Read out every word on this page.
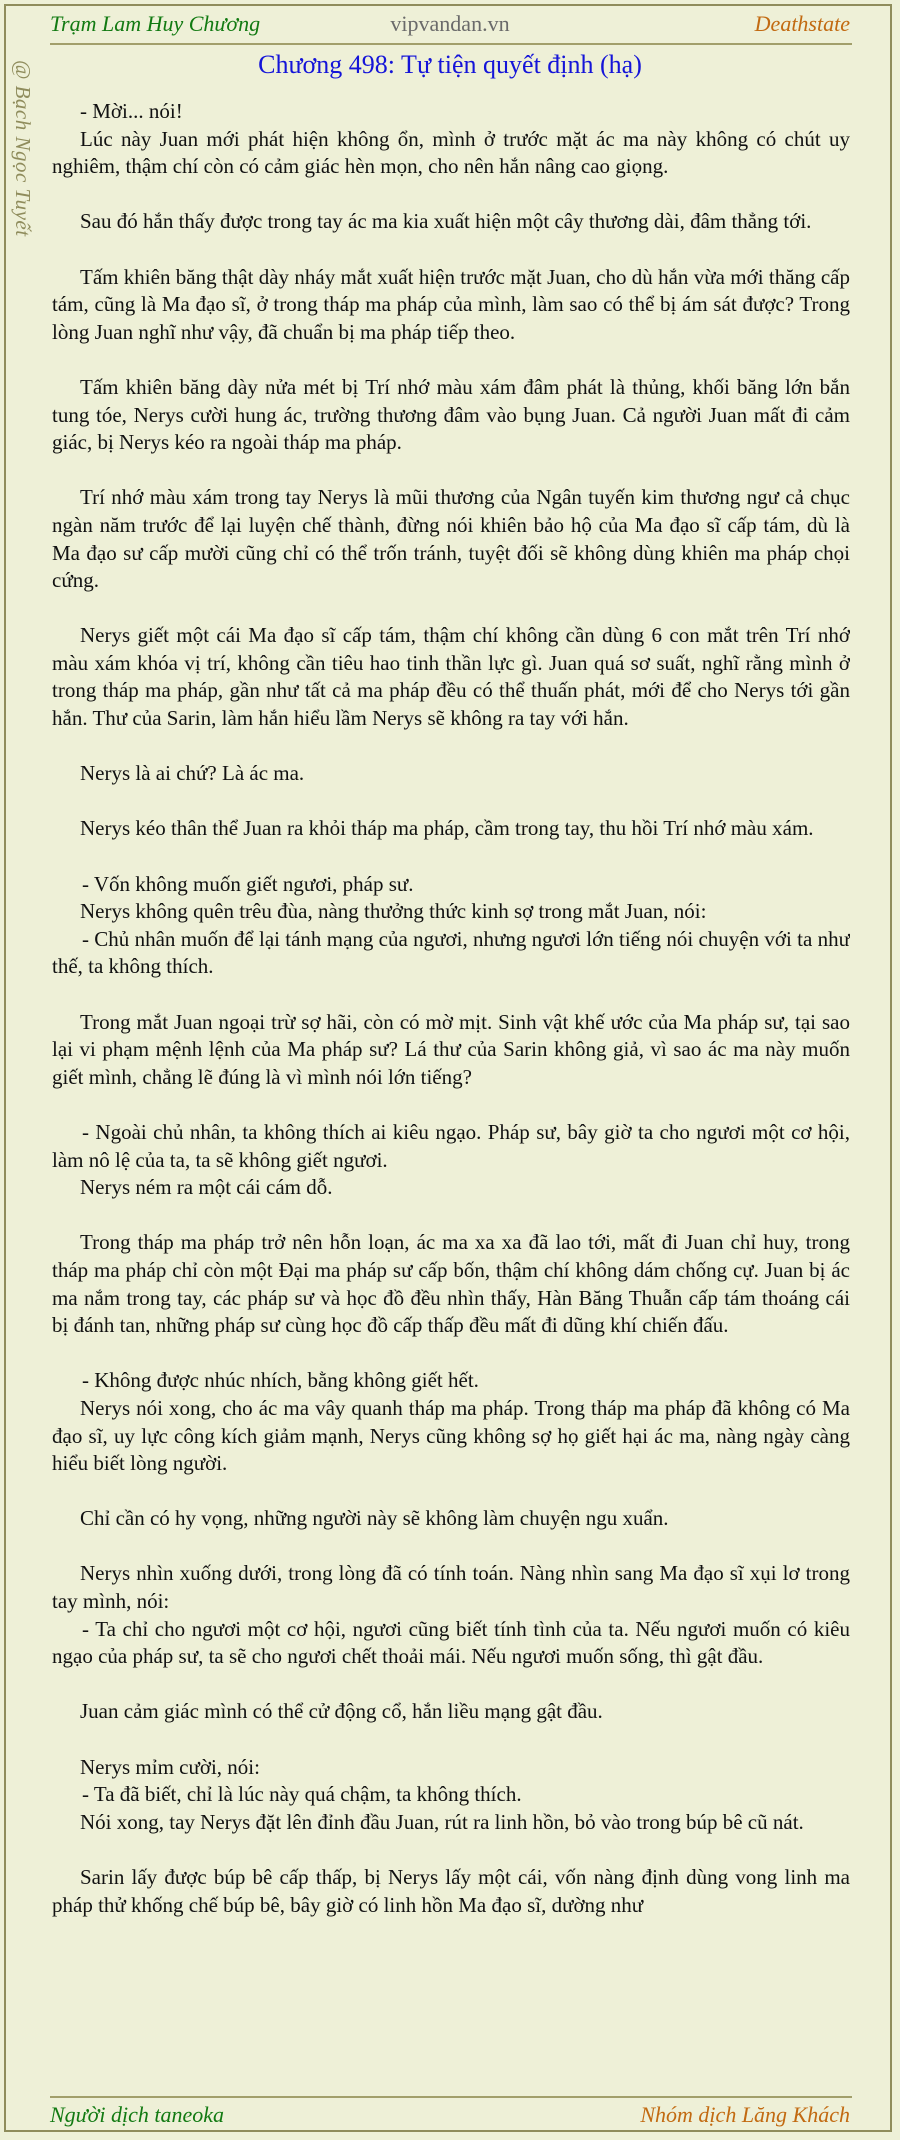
Trạm Lam Huy Chương	vipvandan.vn	Deathstate
@ Bạch Ngọc Tuyết	Chương 498: Tự tiện quyết định (hạ)

- Mời... nói!

Lúc này Juan mới phát hiện không ổn, mình ở trước mặt ác ma này không có chút uy nghiêm, thậm chí còn có cảm giác hèn mọn, cho nên hắn nâng cao giọng.

Sau đó hắn thấy được trong tay ác ma kia xuất hiện một cây thương dài, đâm thẳng tới.

Tấm khiên băng thật dày nháy mắt xuất hiện trước mặt Juan, cho dù hắn vừa mới thăng cấp tám, cũng là Ma đạo sĩ, ở trong tháp ma pháp của mình, làm sao có thể bị ám sát được? Trong lòng Juan nghĩ như vậy, đã chuẩn bị ma pháp tiếp theo.

Tấm khiên băng dày nửa mét bị Trí nhớ màu xám đâm phát là thủng, khối băng lớn bắn tung tóe, Nerys cười hung ác, trường thương đâm vào bụng Juan. Cả người Juan mất đi cảm giác, bị Nerys kéo ra ngoài tháp ma pháp.

Trí nhớ màu xám trong tay Nerys là mũi thương của Ngân tuyến kim thương ngư cả chục ngàn năm trước để lại luyện chế thành, đừng nói khiên bảo hộ của Ma đạo sĩ cấp tám, dù là Ma đạo sư cấp mười cũng chỉ có thể trốn tránh, tuyệt đối sẽ không dùng khiên ma pháp chọi cứng.

Nerys giết một cái Ma đạo sĩ cấp tám, thậm chí không cần dùng 6 con mắt trên Trí nhớ màu xám khóa vị trí, không cần tiêu hao tinh thần lực gì. Juan quá sơ suất, nghĩ rằng mình ở trong tháp ma pháp, gần như tất cả ma pháp đều có thể thuấn phát, mới để cho Nerys tới gần hắn. Thư của Sarin, làm hắn hiểu lầm Nerys sẽ không ra tay với hắn.

Nerys là ai chứ? Là ác ma.

Nerys kéo thân thể Juan ra khỏi tháp ma pháp, cầm trong tay, thu hồi Trí nhớ màu xám.

- Vốn không muốn giết ngươi, pháp sư.

Nerys không quên trêu đùa, nàng thưởng thức kinh sợ trong mắt Juan, nói:

- Chủ nhân muốn để lại tánh mạng của ngươi, nhưng ngươi lớn tiếng nói chuyện với ta như thế, ta không thích.

Trong mắt Juan ngoại trừ sợ hãi, còn có mờ mịt. Sinh vật khế ước của Ma pháp sư, tại sao lại vi phạm mệnh lệnh của Ma pháp sư? Lá thư của Sarin không giả, vì sao ác ma này muốn giết mình, chẳng lẽ đúng là vì mình nói lớn tiếng?

- Ngoài chủ nhân, ta không thích ai kiêu ngạo. Pháp sư, bây giờ ta cho ngươi một cơ hội, làm nô lệ của ta, ta sẽ không giết ngươi.

Nerys ném ra một cái cám dỗ.

Trong tháp ma pháp trở nên hỗn loạn, ác ma xa xa đã lao tới, mất đi Juan chỉ huy, trong tháp ma pháp chỉ còn một Đại ma pháp sư cấp bốn, thậm chí không dám chống cự. Juan bị ác ma nắm trong tay, các pháp sư và học đồ đều nhìn thấy, Hàn Băng Thuẫn cấp tám thoáng cái bị đánh tan, những pháp sư cùng học đồ cấp thấp đều mất đi dũng khí chiến đấu.

- Không được nhúc nhích, bằng không giết hết.

Nerys nói xong, cho ác ma vây quanh tháp ma pháp. Trong tháp ma pháp đã không có Ma đạo sĩ, uy lực công kích giảm mạnh, Nerys cũng không sợ họ giết hại ác ma, nàng ngày càng hiểu biết lòng người.

Chỉ cần có hy vọng, những người này sẽ không làm chuyện ngu xuẩn.

Nerys nhìn xuống dưới, trong lòng đã có tính toán. Nàng nhìn sang Ma đạo sĩ xụi lơ trong tay mình, nói:

- Ta chỉ cho ngươi một cơ hội, ngươi cũng biết tính tình của ta. Nếu ngươi muốn có kiêu ngạo của pháp sư, ta sẽ cho ngươi chết thoải mái. Nếu ngươi muốn sống, thì gật đầu.

Juan cảm giác mình có thể cử động cổ, hắn liều mạng gật đầu.

Nerys mỉm cười, nói:

- Ta đã biết, chỉ là lúc này quá chậm, ta không thích.

Nói xong, tay Nerys đặt lên đỉnh đầu Juan, rút ra linh hồn, bỏ vào trong búp bê cũ nát.

Sarin lấy được búp bê cấp thấp, bị Nerys lấy một cái, vốn nàng định dùng vong linh ma pháp thử khống chế búp bê, bây giờ có linh hồn Ma đạo sĩ, dường như

Người dịch taneoka	Nhóm dịch Lăng Khách
